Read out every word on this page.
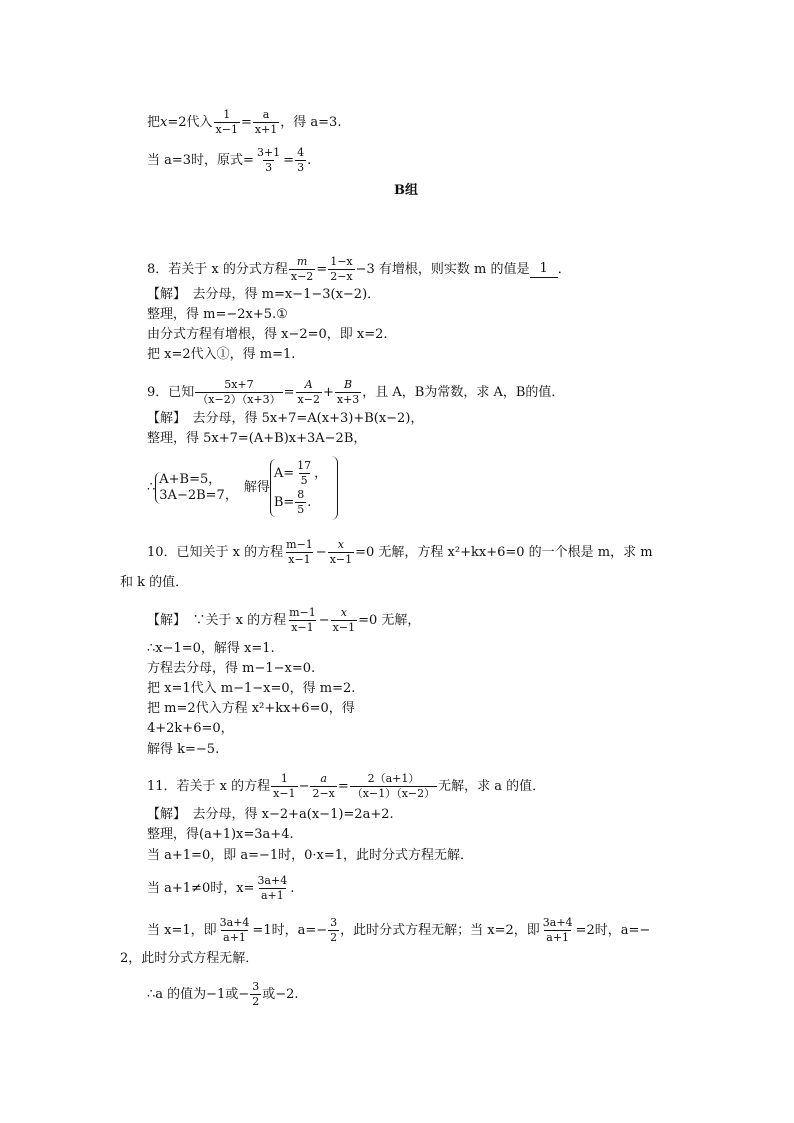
把 x =2代入 $\frac{1}{x-1} = \frac{a}{x+1}$ ，得 a=3.
当 a=3时，原式= $\frac{3+1}{3} = \frac{4}{3}$ .
B组
8．若关于 x 的分式方程 $\frac{m}{x-2} = \frac{1-x}{2-x} -3$ 有增根，则实数 m 的值是 1 ．
【解】　去分母，得 m=x−1−3(x−2)．
整理，得 m=−2x+5.①
由分式方程有增根，得 x−2=0，即 x=2.
把 x=2代入①，得 m=1.
9．已知 $\frac{5x+7}{(x-2)(x+3)} = \frac{A}{x-2} + \frac{B}{x+3}$ ，且 A，B为常数，求 A，B的值．
【解】　去分母，得 5x+7=A(x+3)+B(x−2)，
整理，得 5x+7=(A+B)x+3A−2B，
∴
A+B=5，
3A−2B=7，
解得
$A= \frac{17}{5}$ ，
$B= \frac{8}{5}$ .
10．已知关于 x 的方程 $\frac{m-1}{x-1} - \frac{x}{x-1} =0$ 无解，方程 x²+kx+6=0 的一个根是 m，求 m
和 k 的值．
【解】　∵关于 x 的方程 $\frac{m-1}{x-1} - \frac{x}{x-1} =0$ 无解，
∴x−1=0，解得 x=1.
方程去分母，得 m−1−x=0.
把 x=1代入 m−1−x=0，得 m=2.
把 m=2代入方程 x²+kx+6=0，得
4+2k+6=0，
解得 k=−5.
11．若关于 x 的方程 $\frac{1}{x-1} - \frac{a}{2-x} = \frac{2(a+1)}{(x-1)(x-2)}$ 无解，求 a 的值．
【解】　去分母，得 x−2+a(x−1)=2a+2.
整理，得(a+1)x=3a+4.
当 a+1=0，即 a=−1时，0·x=1，此时分式方程无解．
当 a+1≠0时，$x= \frac{3a+4}{a+1}$ .
当 x=1，即 $\frac{3a+4}{a+1} =1$时，$a=- \frac{3}{2}$ ，此时分式方程无解；当 x=2，即 $\frac{3a+4}{a+1} =2$时，a=−
2，此时分式方程无解．
∴a 的值为−1或− $\frac{3}{2}$ 或−2.
